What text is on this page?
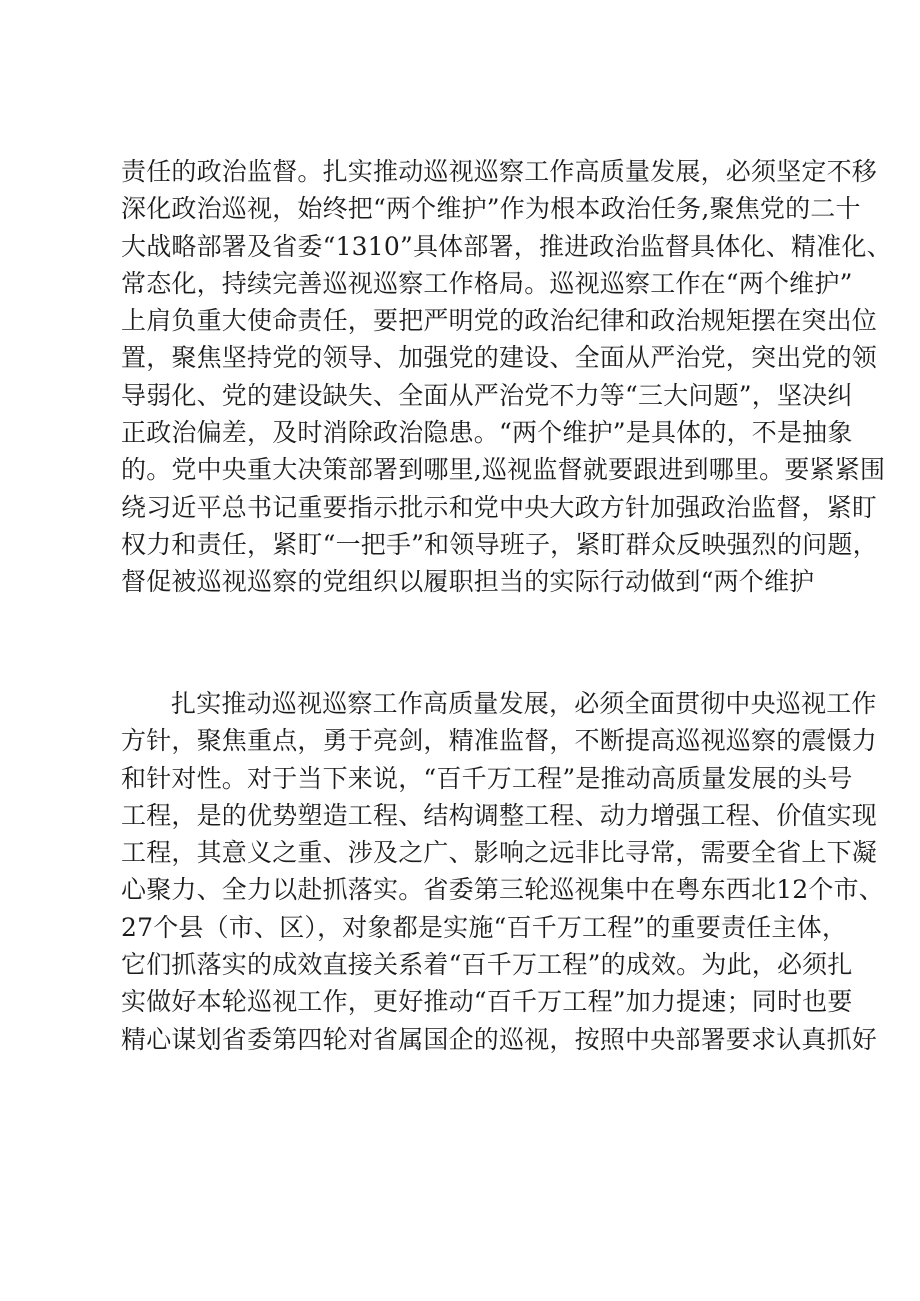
责任的政治监督。扎实推动巡视巡察工作高质量发展，必须坚定不移
深化政治巡视，始终把“两个维护”作为根本政治任务,聚焦党的二十
大战略部署及省委“1310”具体部署，推进政治监督具体化、精准化、
常态化，持续完善巡视巡察工作格局。巡视巡察工作在“两个维护”
上肩负重大使命责任，要把严明党的政治纪律和政治规矩摆在突出位
置，聚焦坚持党的领导、加强党的建设、全面从严治党，突出党的领
导弱化、党的建设缺失、全面从严治党不力等“三大问题”，坚决纠
正政治偏差，及时消除政治隐患。“两个维护”是具体的，不是抽象
的。党中央重大决策部署到哪里,巡视监督就要跟进到哪里。要紧紧围
绕习近平总书记重要指示批示和党中央大政方针加强政治监督，紧盯
权力和责任，紧盯“一把手”和领导班子，紧盯群众反映强烈的问题，
督促被巡视巡察的党组织以履职担当的实际行动做到“两个维护
扎实推动巡视巡察工作高质量发展，必须全面贯彻中央巡视工作
方针，聚焦重点，勇于亮剑，精准监督，不断提高巡视巡察的震慑力
和针对性。对于当下来说，“百千万工程”是推动高质量发展的头号
工程，是的优势塑造工程、结构调整工程、动力增强工程、价值实现
工程，其意义之重、涉及之广、影响之远非比寻常，需要全省上下凝
心聚力、全力以赴抓落实。省委第三轮巡视集中在粤东西北12个市、
27个县（市、区），对象都是实施“百千万工程”的重要责任主体，
它们抓落实的成效直接关系着“百千万工程”的成效。为此，必须扎
实做好本轮巡视工作，更好推动“百千万工程”加力提速；同时也要
精心谋划省委第四轮对省属国企的巡视，按照中央部署要求认真抓好
